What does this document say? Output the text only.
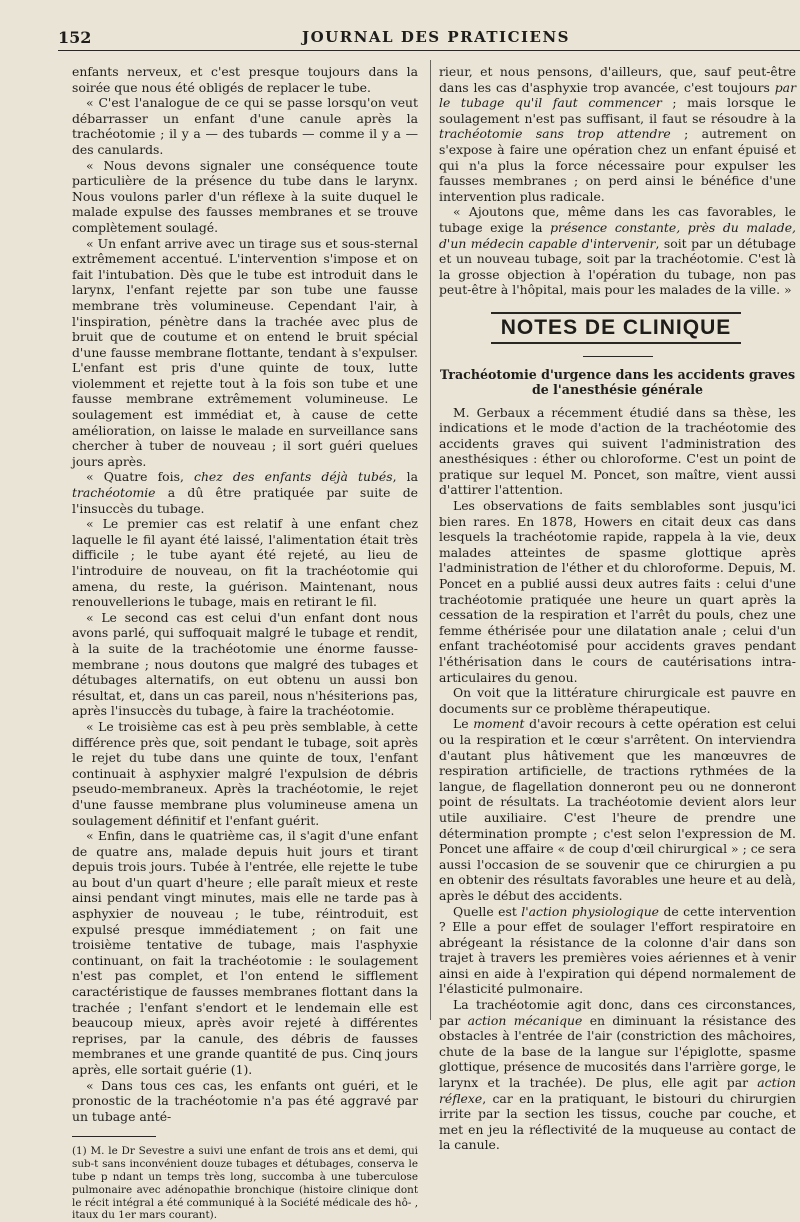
152	JOURNAL DES PRATICIENS

enfants nerveux, et c'est presque toujours dans la soirée que nous été obligés de replacer le tube.

« C'est l'analogue de ce qui se passe lorsqu'on veut débarrasser un enfant d'une canule après la trachéotomie ; il y a — des tubards — comme il y a — des canulards.

« Nous devons signaler une conséquence toute particulière de la présence du tube dans le larynx. Nous voulons parler d'un réflexe à la suite duquel le malade expulse des fausses membranes et se trouve complètement soulagé.

« Un enfant arrive avec un tirage sus et sous-sternal extrêmement accentué. L'intervention s'impose et on fait l'intubation. Dès que le tube est introduit dans le larynx, l'enfant rejette par son tube une fausse membrane très volumineuse. Cependant l'air, à l'inspiration, pénètre dans la trachée avec plus de bruit que de coutume et on entend le bruit spécial d'une fausse membrane flottante, tendant à s'expulser. L'enfant est pris d'une quinte de toux, lutte violemment et rejette tout à la fois son tube et une fausse membrane extrêmement volumineuse. Le soulagement est immédiat et, à cause de cette amélioration, on laisse le malade en surveillance sans chercher à tuber de nouveau ; il sort guéri quelues jours après.

« Quatre fois, chez des enfants déjà tubés, la trachéotomie a dû être pratiquée par suite de l'insuccès du tubage.

« Le premier cas est relatif à une enfant chez laquelle le fil ayant été laissé, l'alimentation était très difficile ; le tube ayant été rejeté, au lieu de l'introduire de nouveau, on fit la trachéotomie qui amena, du reste, la guérison. Maintenant, nous renouvellerions le tubage, mais en retirant le fil.

« Le second cas est celui d'un enfant dont nous avons parlé, qui suffoquait malgré le tubage et rendit, à la suite de la trachéotomie une énorme fausse-membrane ; nous doutons que malgré des tubages et détubages alternatifs, on eut obtenu un aussi bon résultat, et, dans un cas pareil, nous n'hésiterions pas, après l'insuccès du tubage, à faire la trachéotomie.

« Le troisième cas est à peu près semblable, à cette différence près que, soit pendant le tubage, soit après le rejet du tube dans une quinte de toux, l'enfant continuait à asphyxier malgré l'expulsion de débris pseudo-membraneux. Après la trachéotomie, le rejet d'une fausse membrane plus volumineuse amena un soulagement définitif et l'enfant guérit.

« Enfin, dans le quatrième cas, il s'agit d'une enfant de quatre ans, malade depuis huit jours et tirant depuis trois jours. Tubée à l'entrée, elle rejette le tube au bout d'un quart d'heure ; elle paraît mieux et reste ainsi pendant vingt minutes, mais elle ne tarde pas à asphyxier de nouveau ; le tube, réintroduit, est expulsé presque immédiatement ; on fait une troisième tentative de tubage, mais l'asphyxie continuant, on fait la trachéotomie : le soulagement n'est pas complet, et l'on entend le sifflement caractéristique de fausses membranes flottant dans la trachée ; l'enfant s'endort et le lendemain elle est beaucoup mieux, après avoir rejeté à différentes reprises, par la canule, des débris de fausses membranes et une grande quantité de pus. Cinq jours après, elle sortait guérie (1).

« Dans tous ces cas, les enfants ont guéri, et le pronostic de la trachéotomie n'a pas été aggravé par un tubage anté-

(1) M. le Dr Sevestre a suivi une enfant de trois ans et demi, qui sub-t sans inconvénient douze tubages et détubages, conserva le tube p ndant un temps très long, succomba à une tuberculose pulmonaire avec adénopathie bronchique (histoire clinique dont le récit intégral a été communiqué à la Société médicale des hô- , itaux du 1er mars courant).

rieur, et nous pensons, d'ailleurs, que, sauf peut-être dans les cas d'asphyxie trop avancée, c'est toujours par le tubage qu'il faut commencer ; mais lorsque le soulagement n'est pas suffisant, il faut se résoudre à la trachéotomie sans trop attendre ; autrement on s'expose à faire une opération chez un enfant épuisé et qui n'a plus la force nécessaire pour expulser les fausses membranes ; on perd ainsi le bénéfice d'une intervention plus radicale.

« Ajoutons que, même dans les cas favorables, le tubage exige la présence constante, près du malade, d'un médecin capable d'intervenir, soit par un détubage et un nouveau tubage, soit par la trachéotomie. C'est là la grosse objection à l'opération du tubage, non pas peut-être à l'hôpital, mais pour les malades de la ville. »

NOTES DE CLINIQUE
Trachéotomie d'urgence dans les accidents graves de l'anesthésie générale

M. Gerbaux a récemment étudié dans sa thèse, les indications et le mode d'action de la trachéotomie des accidents graves qui suivent l'administration des anesthésiques : éther ou chloroforme. C'est un point de pratique sur lequel M. Poncet, son maître, vient aussi d'attirer l'attention.

Les observations de faits semblables sont jusqu'ici bien rares. En 1878, Howers en citait deux cas dans lesquels la trachéotomie rapide, rappela à la vie, deux malades atteintes de spasme glottique après l'administration de l'éther et du chloroforme. Depuis, M. Poncet en a publié aussi deux autres faits : celui d'une trachéotomie pratiquée une heure un quart après la cessation de la respiration et l'arrêt du pouls, chez une femme éthérisée pour une dilatation anale ; celui d'un enfant trachéotomisé pour accidents graves pendant l'éthérisation dans le cours de cautérisations intra-articulaires du genou.

On voit que la littérature chirurgicale est pauvre en documents sur ce problème thérapeutique.

Le moment d'avoir recours à cette opération est celui ou la respiration et le cœur s'arrêtent. On interviendra d'autant plus hâtivement que les manœuvres de respiration artificielle, de tractions rythmées de la langue, de flagellation donneront peu ou ne donneront point de résultats. La trachéotomie devient alors leur utile auxiliaire. C'est l'heure de prendre une détermination prompte ; c'est selon l'expression de M. Poncet une affaire « de coup d'œil chirurgical » ; ce sera aussi l'occasion de se souvenir que ce chirurgien a pu en obtenir des résultats favorables une heure et au delà, après le début des accidents.

Quelle est l'action physiologique de cette intervention ? Elle a pour effet de soulager l'effort respiratoire en abrégeant la résistance de la colonne d'air dans son trajet à travers les premières voies aériennes et à venir ainsi en aide à l'expiration qui dépend normalement de l'élasticité pulmonaire.

La trachéotomie agit donc, dans ces circonstances, par action mécanique en diminuant la résistance des obstacles à l'entrée de l'air (constriction des mâchoires, chute de la base de la langue sur l'épiglotte, spasme glottique, présence de mucosités dans l'arrière gorge, le larynx et la trachée). De plus, elle agit par action réflexe, car en la pratiquant, le bistouri du chirurgien irrite par la section les tissus, couche par couche, et met en jeu la réflectivité de la muqueuse au contact de la canule.
